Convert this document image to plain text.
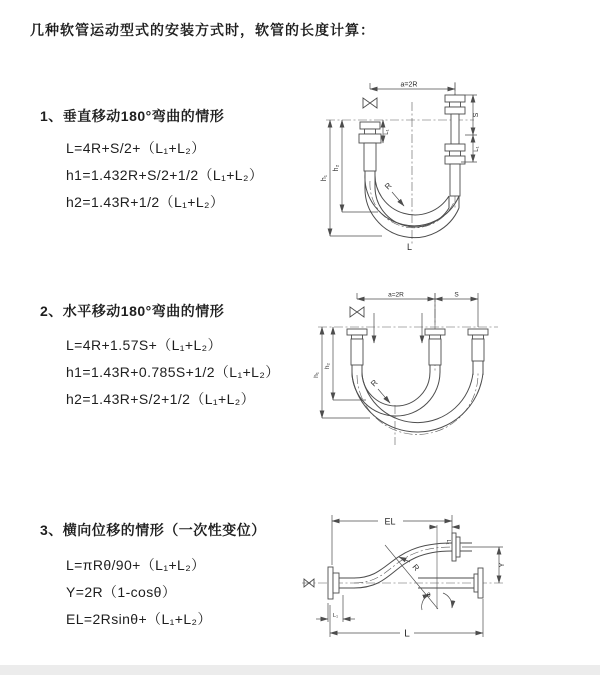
几种软管运动型式的安装方式时，软管的长度计算：
1、垂直移动180°弯曲的情形
L=4R+S/2+（L₁+L₂）
h1=1.432R+S/2+1/2（L₁+L₂）
h2=1.43R+1/2（L₁+L₂）
2、水平移动180°弯曲的情形
L=4R+1.57S+（L₁+L₂）
h1=1.43R+0.785S+1/2（L₁+L₂）
h2=1.43R+S/2+1/2（L₁+L₂）
3、横向位移的情形（一次性变位）
L=πRθ/90+（L₁+L₂）
Y=2R（1-cosθ）
EL=2Rsinθ+（L₁+L₂）
a=2R
L₁
S
L₁
h₁
h₂
R
L
a=2R	S
h₁
h₂
R
θ
R
EL
L₁
Y
L
L₁
